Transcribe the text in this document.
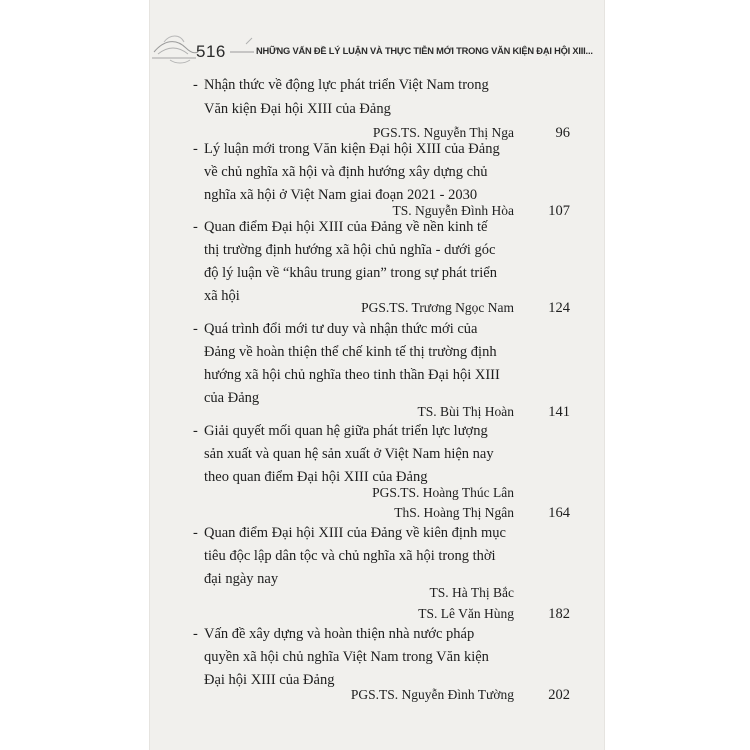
516	NHỮNG VẤN ĐỀ LÝ LUẬN VÀ THỰC TIỄN MỚI TRONG VĂN KIỆN ĐẠI HỘI XIII...
- Nhận thức về động lực phát triển Việt Nam trong
Văn kiện Đại hội XIII của Đảng
PGS.TS. Nguyễn Thị Nga	96
- Lý luận mới trong Văn kiện Đại hội XIII của Đảng
về chủ nghĩa xã hội và định hướng xây dựng chủ
nghĩa xã hội ở Việt Nam giai đoạn 2021 - 2030
TS. Nguyễn Đình Hòa	107
- Quan điểm Đại hội XIII của Đảng về nền kinh tế
thị trường định hướng xã hội chủ nghĩa - dưới góc
độ lý luận về “khâu trung gian” trong sự phát triển
xã hội
PGS.TS. Trương Ngọc Nam	124
- Quá trình đổi mới tư duy và nhận thức mới của
Đảng về hoàn thiện thể chế kinh tế thị trường định
hướng xã hội chủ nghĩa theo tinh thần Đại hội XIII
của Đảng
TS. Bùi Thị Hoàn	141
- Giải quyết mối quan hệ giữa phát triển lực lượng
sản xuất và quan hệ sản xuất ở Việt Nam hiện nay
theo quan điểm Đại hội XIII của Đảng
PGS.TS. Hoàng Thúc Lân
ThS. Hoàng Thị Ngân	164
- Quan điểm Đại hội XIII của Đảng về kiên định mục
tiêu độc lập dân tộc và chủ nghĩa xã hội trong thời
đại ngày nay
TS. Hà Thị Bắc
TS. Lê Văn Hùng	182
- Vấn đề xây dựng và hoàn thiện nhà nước pháp
quyền xã hội chủ nghĩa Việt Nam trong Văn kiện
Đại hội XIII của Đảng
PGS.TS. Nguyễn Đình Tường	202
